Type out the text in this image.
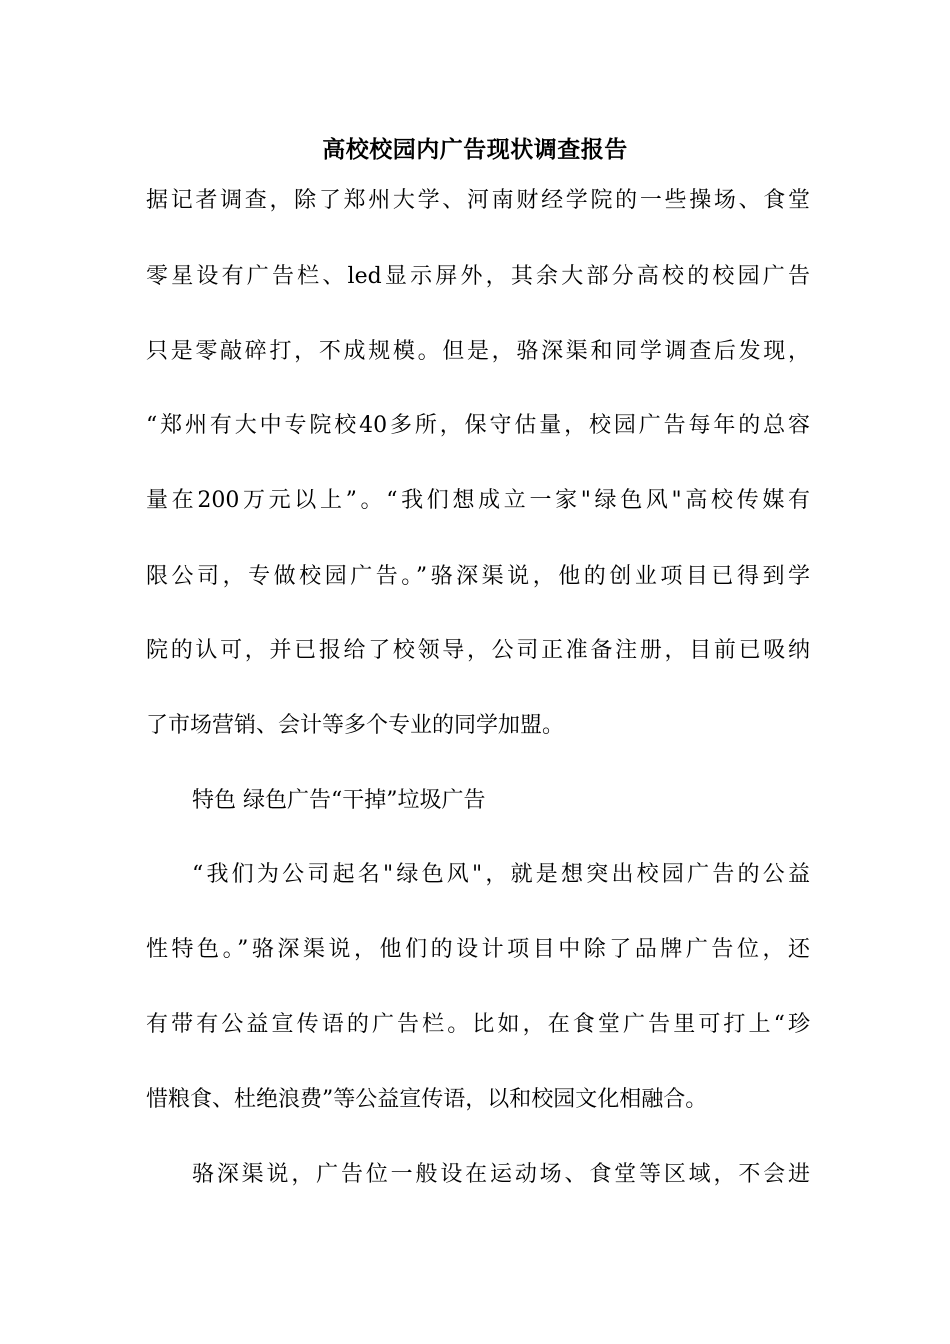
高校校园内广告现状调查报告
据记者调查，除了郑州大学、河南财经学院的一些操场、食堂
零星设有广告栏、led显示屏外，其余大部分高校的校园广告
只是零敲碎打，不成规模。但是，骆深渠和同学调查后发现，
“郑州有大中专院校40多所，保守估量，校园广告每年的总容
量在200万元以上”。“我们想成立一家"绿色风"高校传媒有
限公司，专做校园广告。”骆深渠说，他的创业项目已得到学
院的认可，并已报给了校领导，公司正准备注册，目前已吸纳
了市场营销、会计等多个专业的同学加盟。
特色 绿色广告“干掉”垃圾广告
“我们为公司起名"绿色风"，就是想突出校园广告的公益
性特色。”骆深渠说，他们的设计项目中除了品牌广告位，还
有带有公益宣传语的广告栏。比如，在食堂广告里可打上“珍
惜粮食、杜绝浪费”等公益宣传语，以和校园文化相融合。
骆深渠说，广告位一般设在运动场、食堂等区域，不会进
